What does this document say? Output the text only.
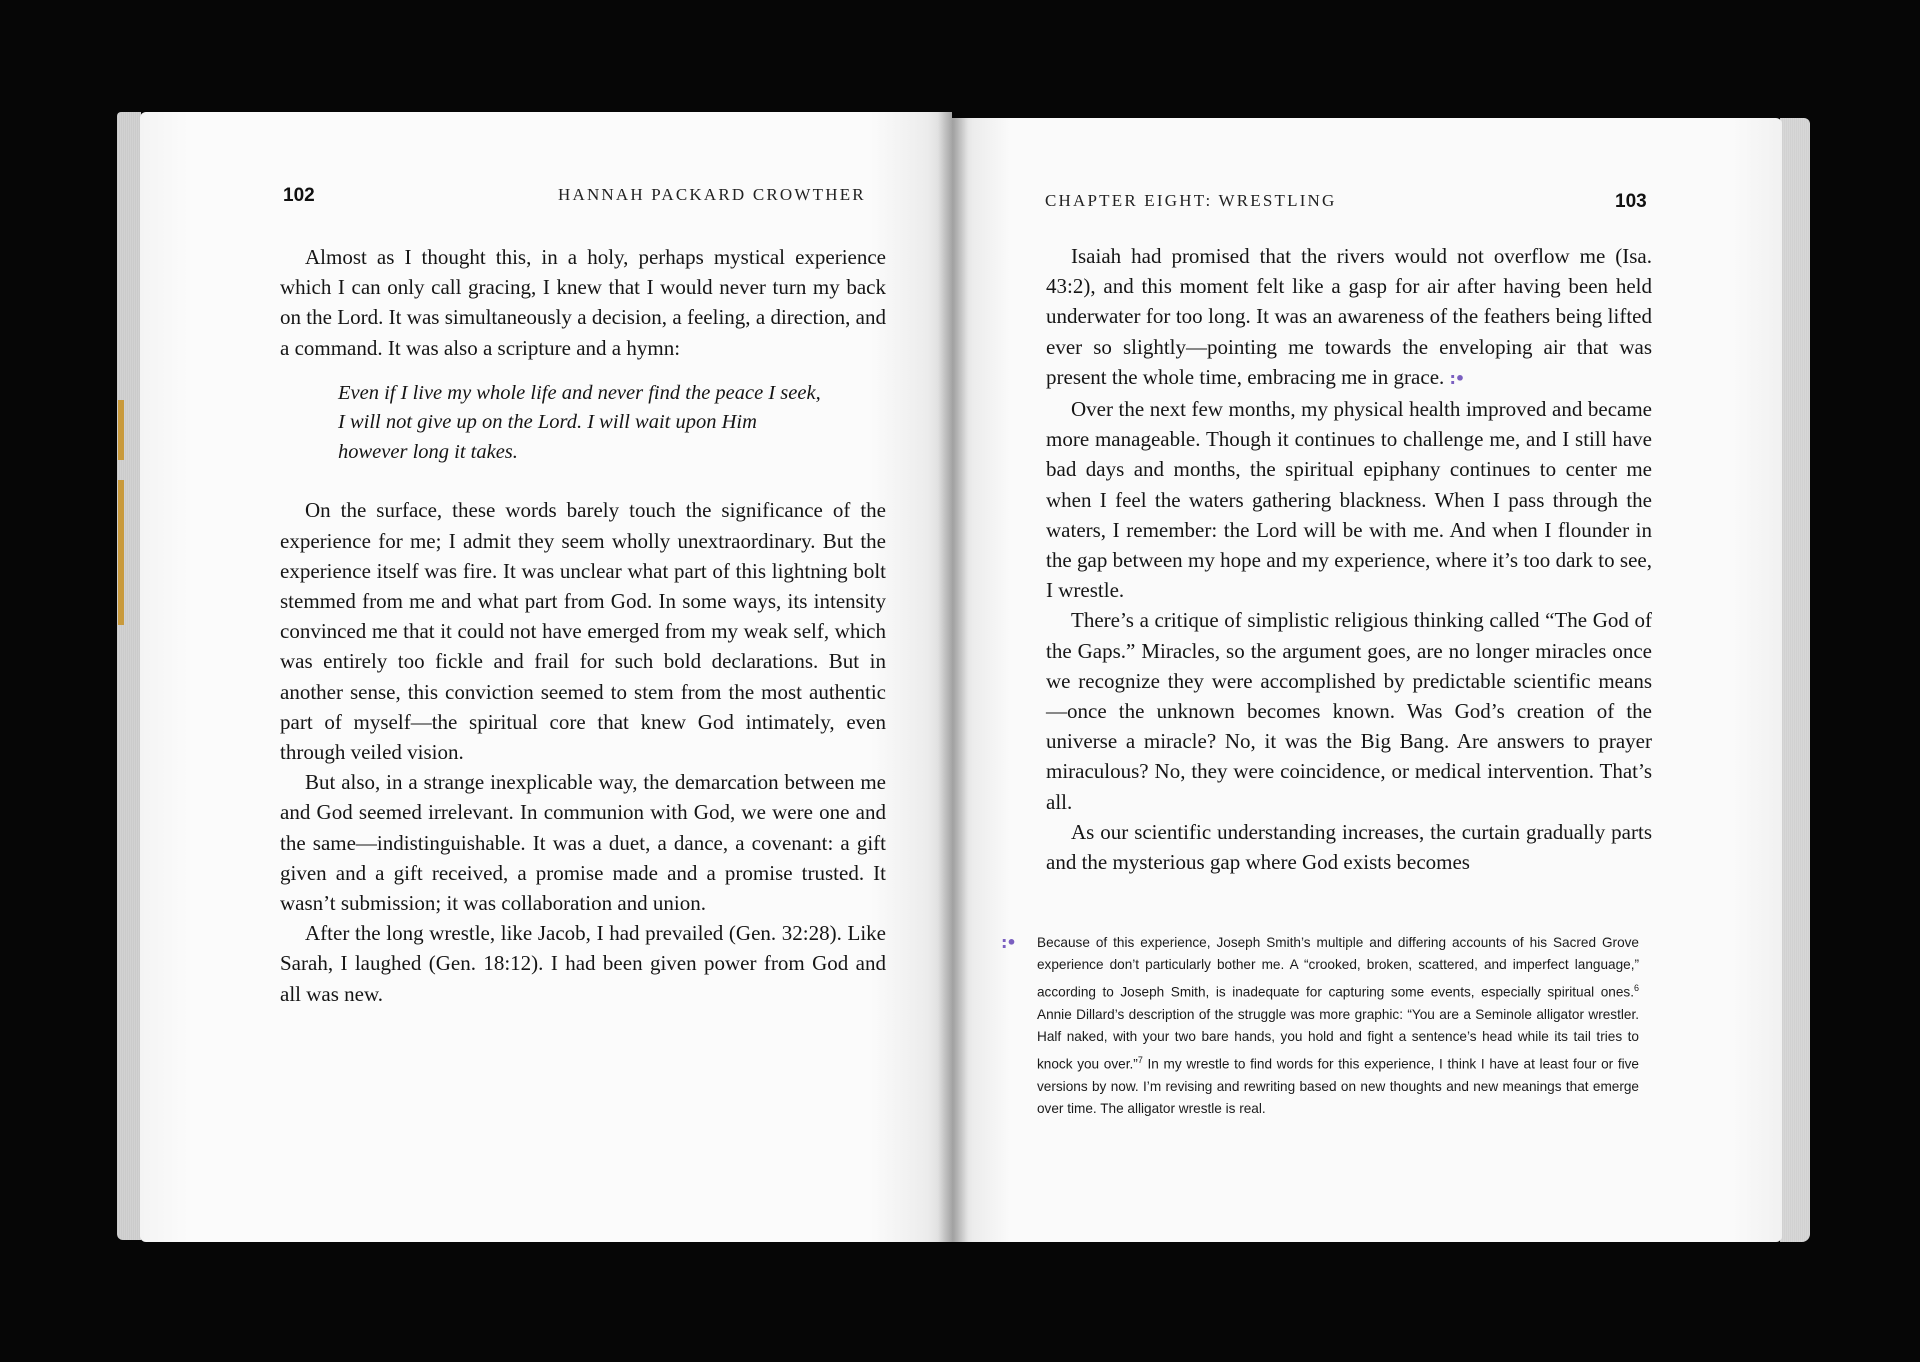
102	HANNAH PACKARD CROWTHER

Almost as I thought this, in a holy, perhaps mystical experience which I can only call gracing, I knew that I would never turn my back on the Lord. It was simultaneously a decision, a feeling, a direction, and a command. It was also a scripture and a hymn:

Even if I live my whole life and never find the peace I seek, I will not give up on the Lord. I will wait upon Him however long it takes.

On the surface, these words barely touch the significance of the experience for me; I admit they seem wholly unextraordinary. But the experience itself was fire. It was unclear what part of this lightning bolt stemmed from me and what part from God. In some ways, its intensity convinced me that it could not have emerged from my weak self, which was entirely too fickle and frail for such bold declarations. But in another sense, this conviction seemed to stem from the most authentic part of myself—the spiritual core that knew God intimately, even through veiled vision.

But also, in a strange inexplicable way, the demarcation between me and God seemed irrelevant. In communion with God, we were one and the same—indistinguishable. It was a duet, a dance, a covenant: a gift given and a gift received, a promise made and a promise trusted. It wasn’t submission; it was collaboration and union.

After the long wrestle, like Jacob, I had prevailed (Gen. 32:28). Like Sarah, I laughed (Gen. 18:12). I had been given power from God and all was new.

CHAPTER EIGHT: WRESTLING	103

Isaiah had promised that the rivers would not overflow me (Isa. 43:2), and this moment felt like a gasp for air after having been held underwater for too long. It was an awareness of the feathers being lifted ever so slightly—pointing me towards the enveloping air that was present the whole time, embracing me in grace. :•

Over the next few months, my physical health improved and became more manageable. Though it continues to challenge me, and I still have bad days and months, the spiritual epiphany continues to center me when I feel the waters gathering blackness. When I pass through the waters, I remember: the Lord will be with me. And when I flounder in the gap between my hope and my experience, where it’s too dark to see, I wrestle.

There’s a critique of simplistic religious thinking called “The God of the Gaps.” Miracles, so the argument goes, are no longer miracles once we recognize they were accomplished by predictable scientific means—once the unknown becomes known. Was God’s creation of the universe a miracle? No, it was the Big Bang. Are answers to prayer miraculous? No, they were coincidence, or medical intervention. That’s all.

As our scientific understanding increases, the curtain gradually parts and the mysterious gap where God exists becomes

:• Because of this experience, Joseph Smith’s multiple and differing accounts of his Sacred Grove experience don’t particularly bother me. A “crooked, broken, scattered, and imperfect language,” according to Joseph Smith, is inadequate for capturing some events, especially spiritual ones.$^6$ Annie Dillard’s description of the struggle was more graphic: “You are a Seminole alligator wrestler. Half naked, with your two bare hands, you hold and fight a sentence’s head while its tail tries to knock you over.”$^7$ In my wrestle to find words for this experience, I think I have at least four or five versions by now. I’m revising and rewriting based on new thoughts and new meanings that emerge over time. The alligator wrestle is real.
